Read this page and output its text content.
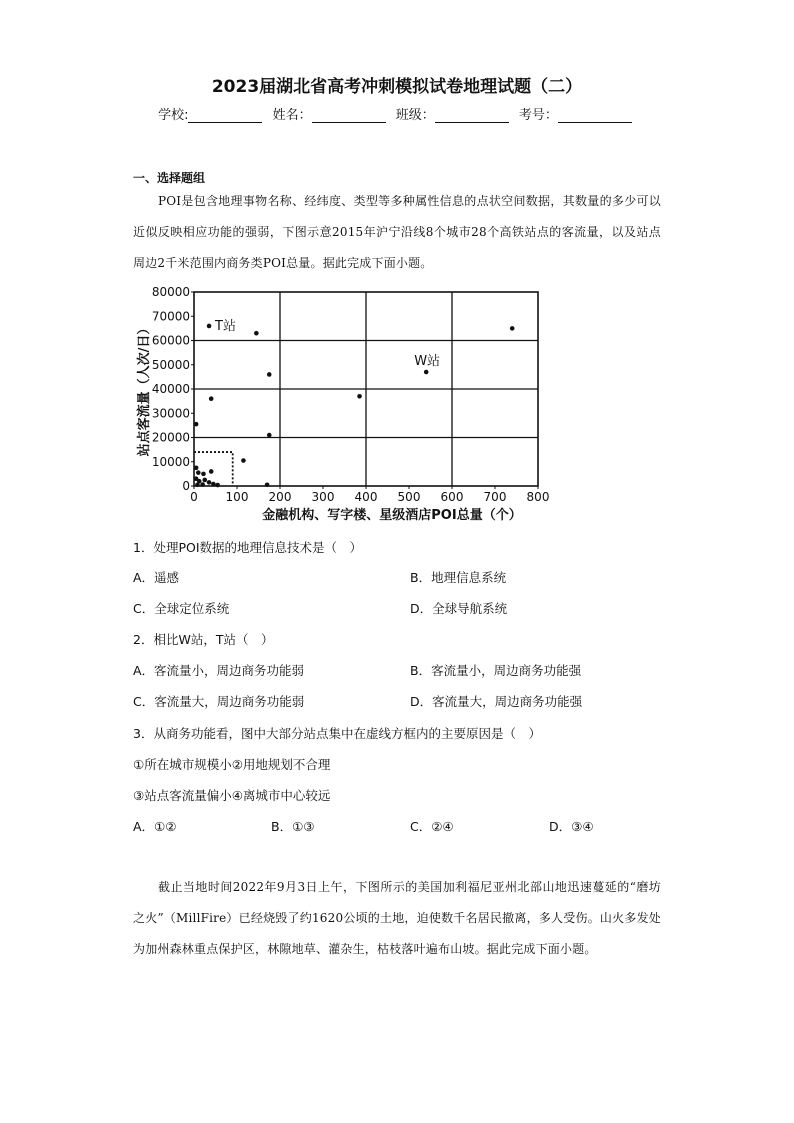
2023届湖北省高考冲刺模拟试卷地理试题（二）
学校:	姓名：	班级：	考号：
一、选择题组
POI是包含地理事物名称、经纬度、类型等多种属性信息的点状空间数据，其数量的多少可以近似反映相应功能的强弱，下图示意2015年沪宁沿线8个城市28个高铁站点的客流量，以及站点周边2千米范围内商务类POI总量。据此完成下面小题。
0 100 200 300 400 500 600 700 800
0
10000
20000
30000
40000
50000
60000
70000
80000
T站
W站
金融机构、写字楼、星级酒店POI总量（个）
站点客流量（人次/日）
1．处理POI数据的地理信息技术是（　）
A．遥感	B．地理信息系统
C．全球定位系统	D．全球导航系统
2．相比W站，T站（　）
A．客流量小，周边商务功能弱	B．客流量小，周边商务功能强
C．客流量大，周边商务功能弱	D．客流量大，周边商务功能强
3．从商务功能看，图中大部分站点集中在虚线方框内的主要原因是（　）
①所在城市规模小②用地规划不合理
③站点客流量偏小④离城市中心较远
A．①②	B．①③	C．②④	D．③④
截止当地时间2022年9月3日上午，下图所示的美国加利福尼亚州北部山地迅速蔓延的“磨坊之火”（MillFire）已经烧毁了约1620公顷的土地，迫使数千名居民撤离，多人受伤。山火多发处为加州森林重点保护区，林隙地草、灌杂生，枯枝落叶遍布山坡。据此完成下面小题。
